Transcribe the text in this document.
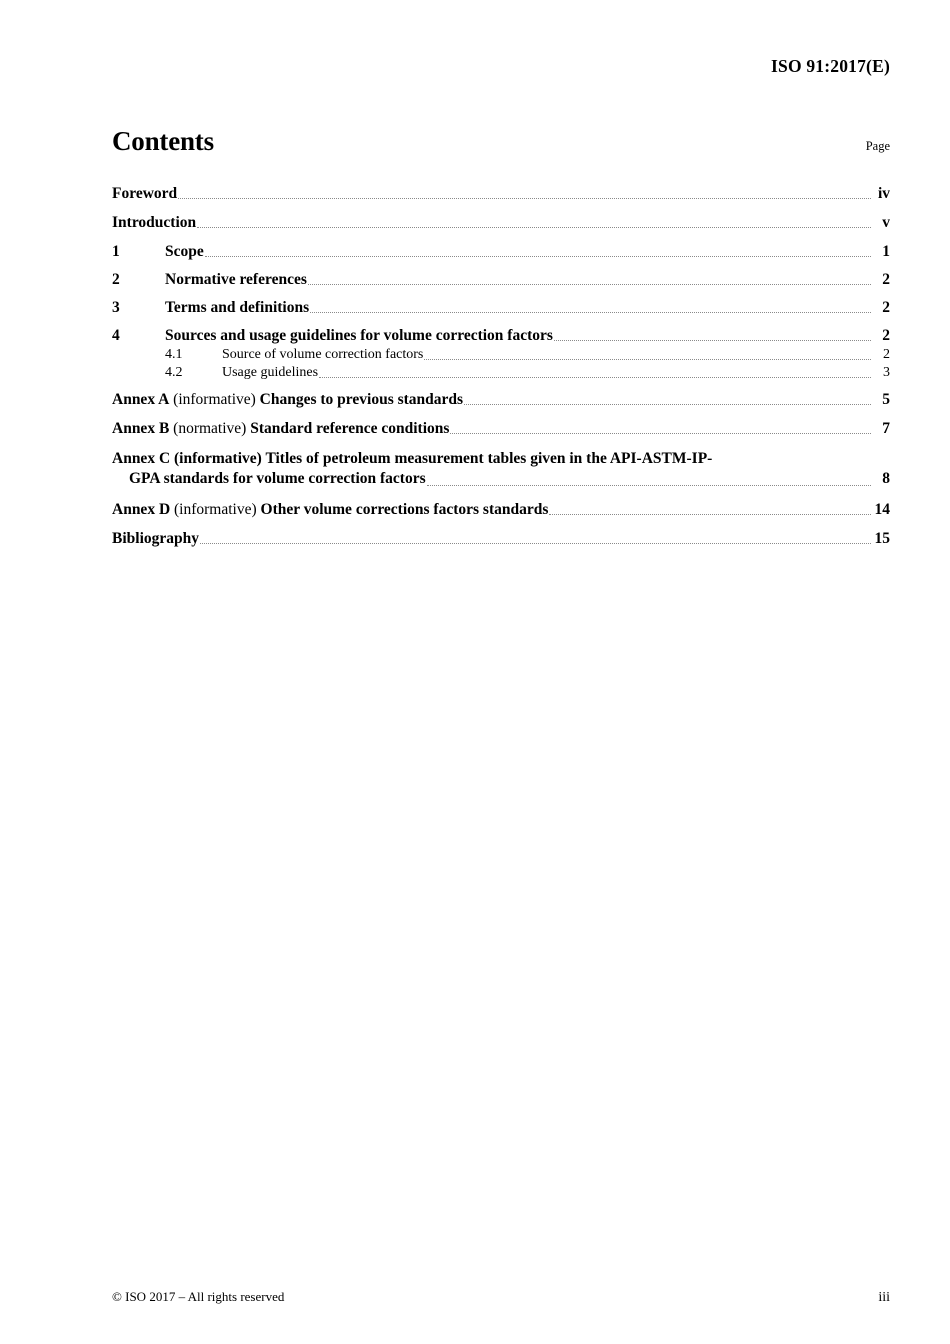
ISO 91:2017(E)
Contents	Page
Foreword	iv
Introduction	v
1	Scope	1
2	Normative references	2
3	Terms and definitions	2
4	Sources and usage guidelines for volume correction factors	2
4.1	Source of volume correction factors	2
4.2	Usage guidelines	3
Annex A (informative) Changes to previous standards	5
Annex B (normative) Standard reference conditions	7
Annex C (informative) Titles of petroleum measurement tables given in the API-ASTM-IP-
GPA standards for volume correction factors	8
Annex D (informative) Other volume corrections factors standards	14
Bibliography	15
© ISO 2017 – All rights reserved	iii
